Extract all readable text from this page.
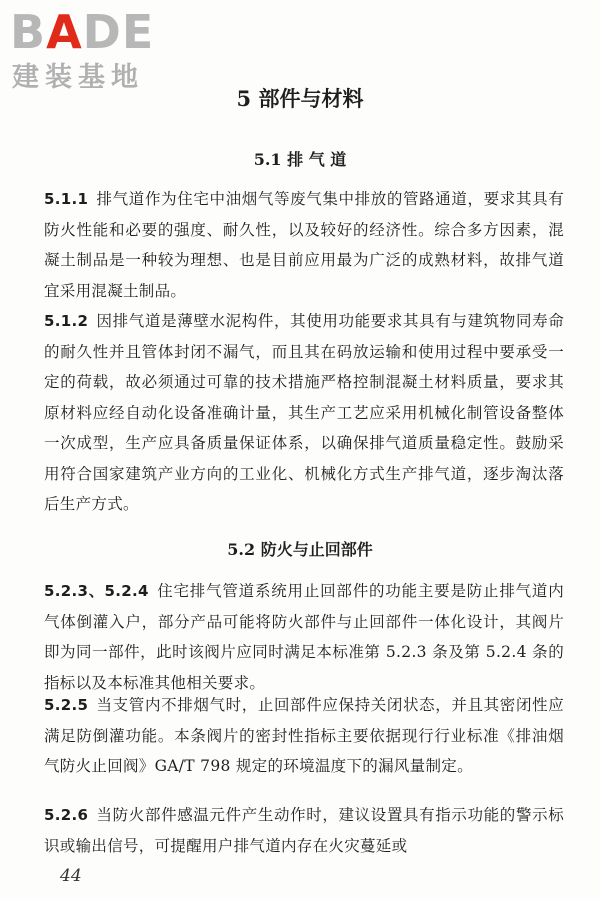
BADE
建装基地
5 部件与材料
5.1 排 气 道

5.1.1 排气道作为住宅中油烟气等废气集中排放的管路通道，要求其具有防火性能和必要的强度、耐久性，以及较好的经济性。综合多方因素，混凝土制品是一种较为理想、也是目前应用最为广泛的成熟材料，故排气道宜采用混凝土制品。

5.1.2 因排气道是薄壁水泥构件，其使用功能要求其具有与建筑物同寿命的耐久性并且管体封闭不漏气，而且其在码放运输和使用过程中要承受一定的荷载，故必须通过可靠的技术措施严格控制混凝土材料质量，要求其原材料应经自动化设备准确计量，其生产工艺应采用机械化制管设备整体一次成型，生产应具备质量保证体系，以确保排气道质量稳定性。鼓励采用符合国家建筑产业方向的工业化、机械化方式生产排气道，逐步淘汰落后生产方式。

5.2 防火与止回部件

5.2.3、5.2.4 住宅排气管道系统用止回部件的功能主要是防止排气道内气体倒灌入户，部分产品可能将防火部件与止回部件一体化设计，其阀片即为同一部件，此时该阀片应同时满足本标准第 5.2.3 条及第 5.2.4 条的指标以及本标准其他相关要求。

5.2.5 当支管内不排烟气时，止回部件应保持关闭状态，并且其密闭性应满足防倒灌功能。本条阀片的密封性指标主要依据现行行业标准《排油烟气防火止回阀》GA/T 798 规定的环境温度下的漏风量制定。

5.2.6 当防火部件感温元件产生动作时，建议设置具有指示功能的警示标识或输出信号，可提醒用户排气道内存在火灾蔓延或

44
